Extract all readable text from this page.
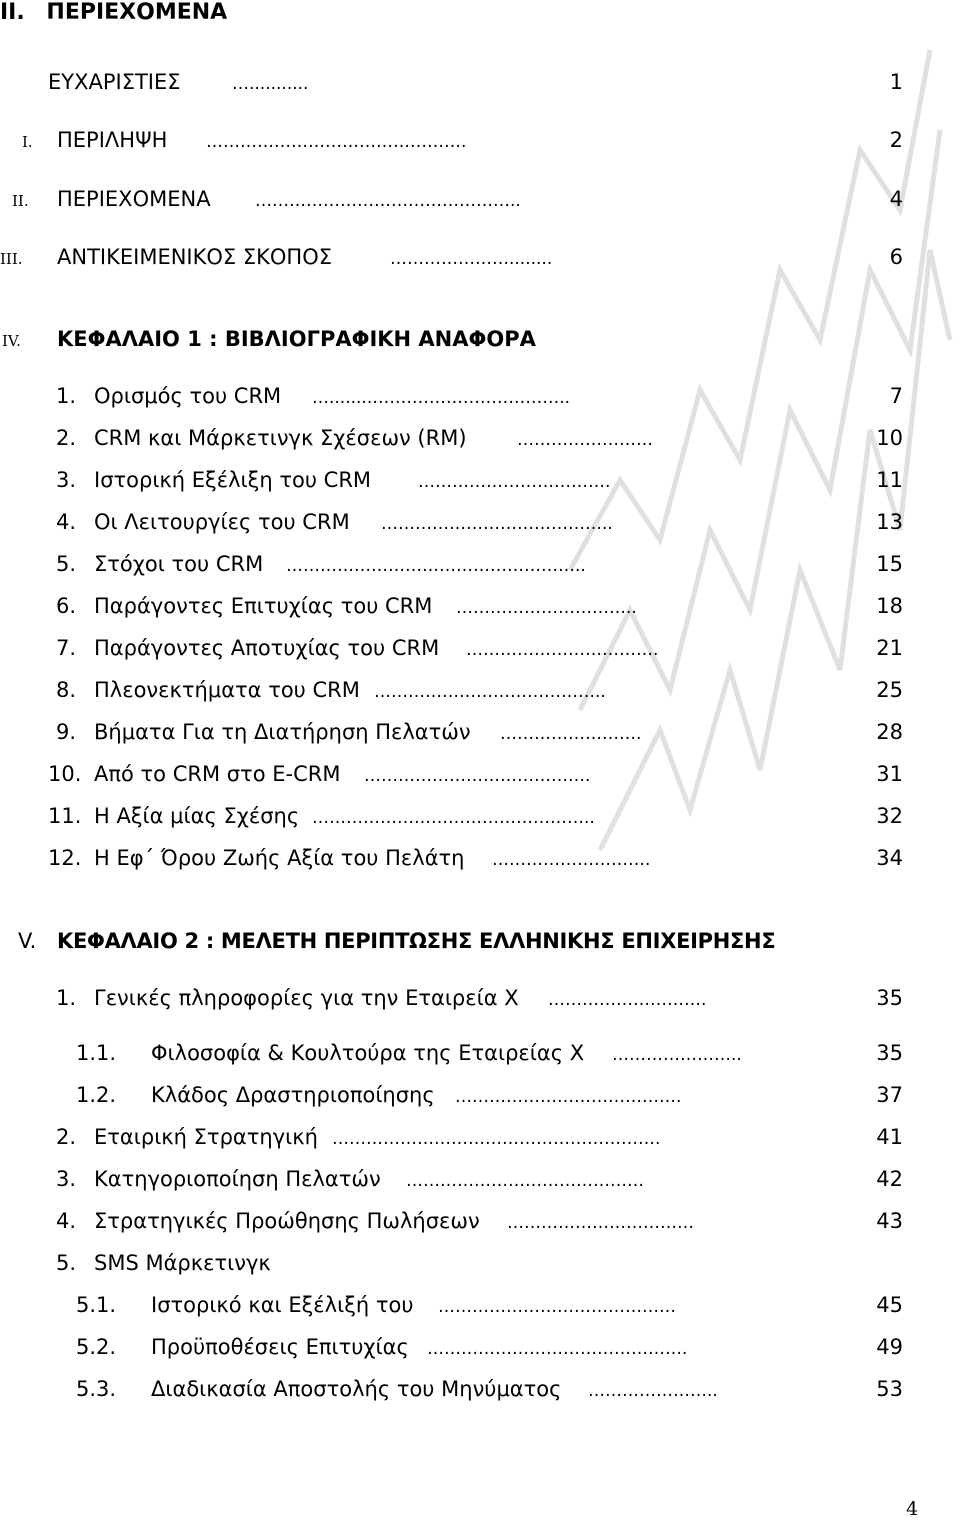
II. ΠΕΡΙΕΧΟΜΕΝΑ
ΕΥΧΑΡΙΣΤΙΕΣ	…...........	1
I. ΠΕΡΙΛΗΨΗ ……………………………………….	2
II. ΠΕΡΙΕΧΟΜΕΝΑ	………………………………………..	4
III. ΑΝΤΙΚΕΙΜΕΝΙΚΟΣ ΣΚΟΠΟΣ	…………………........	6
IV. ΚΕΦΑΛΑΙΟ 1 : ΒΙΒΛΙΟΓΡΑΦΙΚΗ ΑΝΑΦΟΡΑ
1. Ορισμός του CRM …........……………………………..	7
2. CRM και Μάρκετινγκ Σχέσεων (RM)	……………………	10
3. Ιστορική Εξέλιξη του CRM	…………………………….	11
4. Οι Λειτουργίες του CRM …………………………………..	13
5. Στόχοι του CRM ……………………………………………..	15
6. Παράγοντες Επιτυχίας του CRM …………………………..	18
7. Παράγοντες Αποτυχίας του CRM …………………………….	21
8. Πλεονεκτήματα του CRM …………………………………..	25
9. Βήματα Για τη Διατήρηση Πελατών …………………….	28
10. Από το CRM στο E-CRM ………………………………….	31
11. Η Αξία μίας Σχέσης …………………………………………..	32
12. Η Εφ΄ Όρου Ζωής Αξία του Πελάτη ……………………….	34
V. ΚΕΦΑΛΑΙΟ 2 : ΜΕΛΕΤΗ ΠΕΡΙΠΤΩΣΗΣ ΕΛΛΗΝΙΚΗΣ ΕΠΙΧΕΙΡΗΣΗΣ
1. Γενικές πληροφορίες για την Εταιρεία Χ ……………………….	35
1.1. Φιλοσοφία & Κουλτούρα της Εταιρείας Χ …………………..	35
1.2. Κλάδος Δραστηριοποίησης ………………………………….	37
2. Εταιρική Στρατηγική ………………………………………………….	41
3. Κατηγοριοποίηση Πελατών ……………………………………	42
4. Στρατηγικές Προώθησης Πωλήσεων ……………………………	43
5. SMS Μάρκετινγκ
5.1. Ιστορικό και Εξέλιξή του ……………………………………	45
5.2. Προϋποθέσεις Επιτυχίας ……………………………………….	49
5.3. Διαδικασία Αποστολής του Μηνύματος …………………..	53
4
